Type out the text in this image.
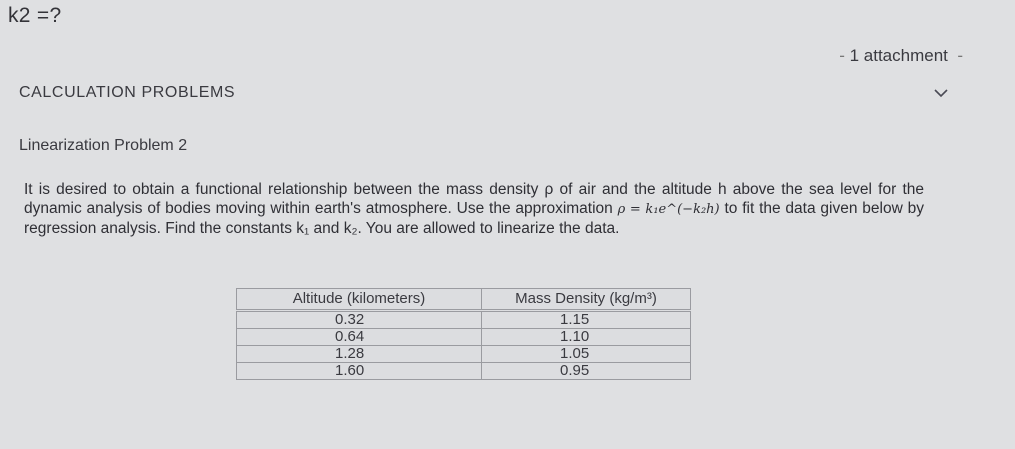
k2 =?
- 1 attachment  -
CALCULATION PROBLEMS
Linearization Problem 2
It is desired to obtain a functional relationship between the mass density ρ of air and the altitude h above the sea level for the dynamic analysis of bodies moving within earth's atmosphere. Use the approximation ρ = k₁e^(−k₂h) to fit the data given below by regression analysis. Find the constants k₁ and k₂. You are allowed to linearize the data.
Altitude (kilometers)	Mass Density (kg/m³)
0.32	1.15
0.64	1.10
1.28	1.05
1.60	0.95
